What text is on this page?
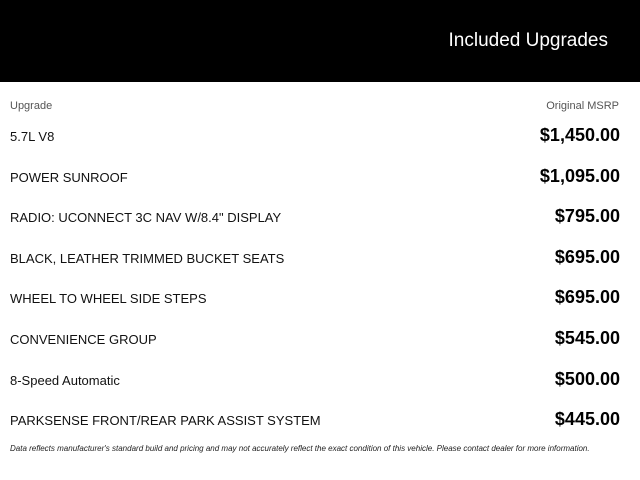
Included Upgrades
Upgrade	Original MSRP
5.7L V8	$1,450.00
POWER SUNROOF	$1,095.00
RADIO: UCONNECT 3C NAV W/8.4" DISPLAY	$795.00
BLACK, LEATHER TRIMMED BUCKET SEATS	$695.00
WHEEL TO WHEEL SIDE STEPS	$695.00
CONVENIENCE GROUP	$545.00
8-Speed Automatic	$500.00
PARKSENSE FRONT/REAR PARK ASSIST SYSTEM	$445.00
Data reflects manufacturer's standard build and pricing and may not accurately reflect the exact condition of this vehicle. Please contact dealer for more information.
